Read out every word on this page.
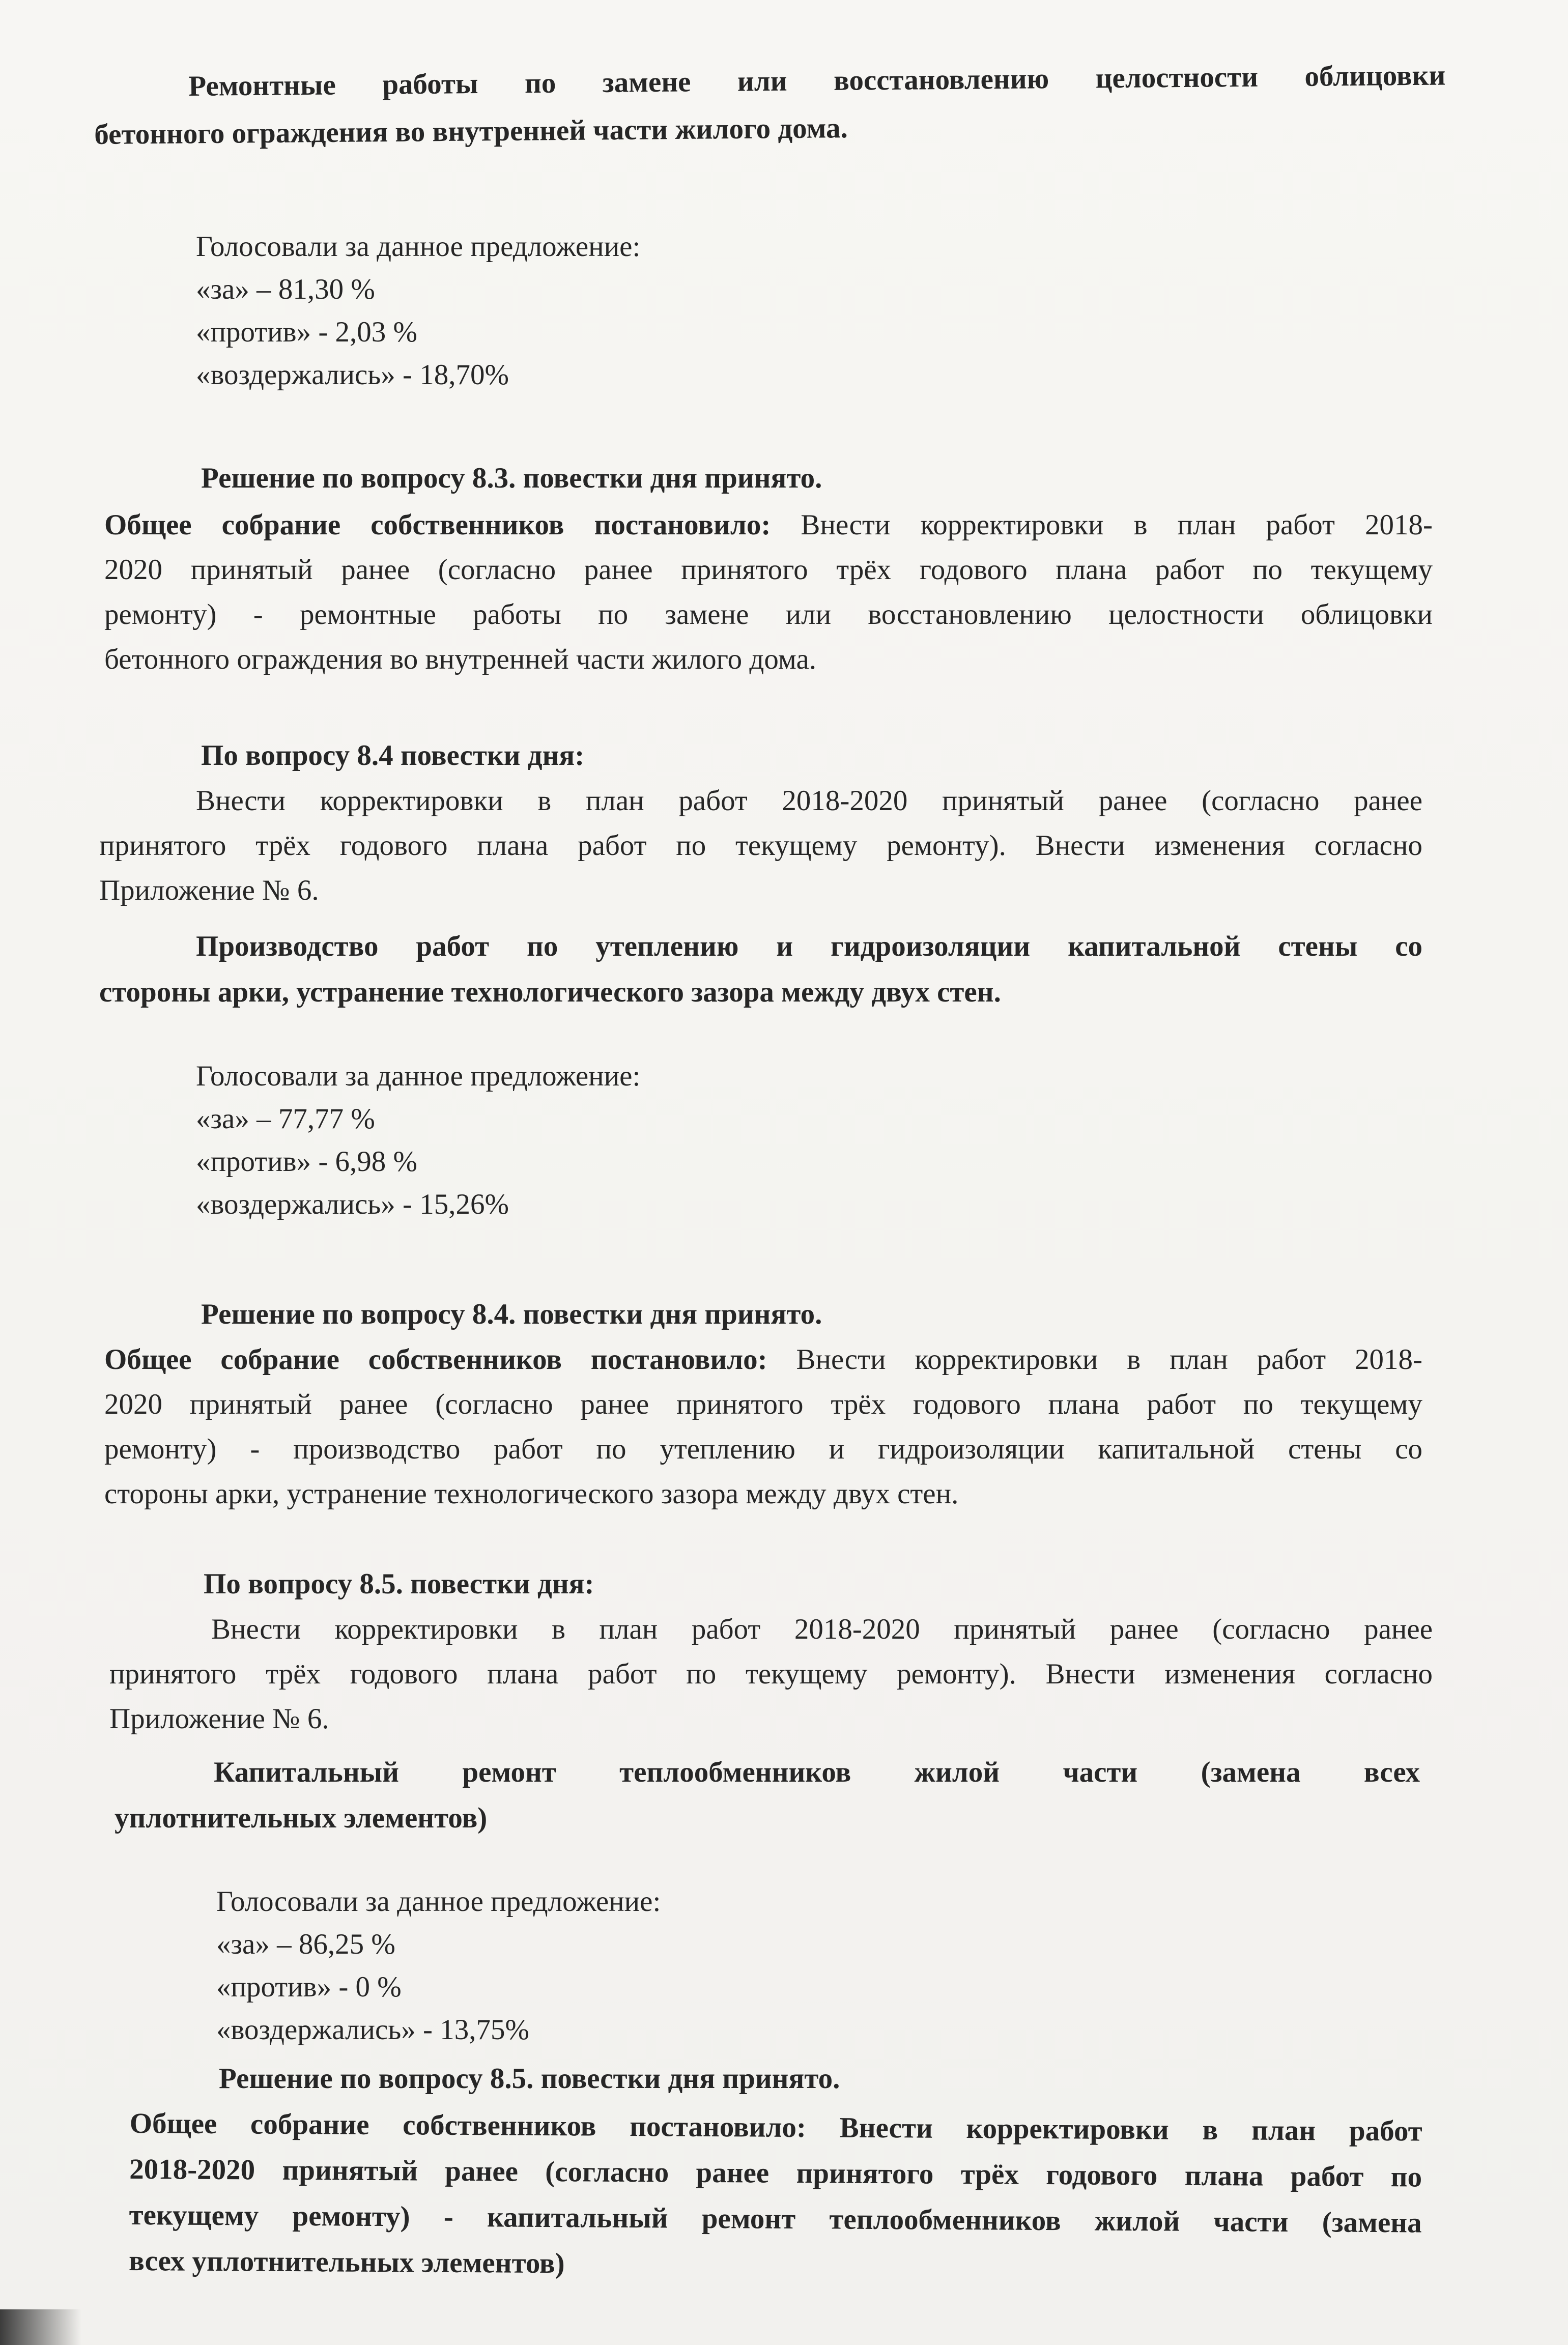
Ремонтные работы по замене или восстановлению целостности облицовки

бетонного ограждения во внутренней части жилого дома.

Голосовали за данное предложение:

«за» – 81,30 %

«против» - 2,03 %

«воздержались» - 18,70%

Решение по вопросу 8.3. повестки дня принято.

Общее собрание собственников постановило: Внести корректировки в план работ 2018-

2020 принятый ранее (согласно ранее принятого трёх годового плана работ по текущему

ремонту) - ремонтные работы по замене или восстановлению целостности облицовки

бетонного ограждения во внутренней части жилого дома.

По вопросу 8.4 повестки дня:

Внести корректировки в план работ 2018-2020 принятый ранее (согласно ранее

принятого трёх годового плана работ по текущему ремонту). Внести изменения согласно

Приложение № 6.

Производство работ по утеплению и гидроизоляции капитальной стены со

стороны арки, устранение технологического зазора между двух стен.

Голосовали за данное предложение:

«за» – 77,77 %

«против» - 6,98 %

«воздержались» - 15,26%

Решение по вопросу 8.4. повестки дня принято.

Общее собрание собственников постановило: Внести корректировки в план работ 2018-

2020 принятый ранее (согласно ранее принятого трёх годового плана работ по текущему

ремонту) - производство работ по утеплению и гидроизоляции капитальной стены со

стороны арки, устранение технологического зазора между двух стен.

По вопросу 8.5. повестки дня:

Внести корректировки в план работ 2018-2020 принятый ранее (согласно ранее

принятого трёх годового плана работ по текущему ремонту). Внести изменения согласно

Приложение № 6.

Капитальный ремонт теплообменников жилой части (замена всех

уплотнительных элементов)

Голосовали за данное предложение:

«за» – 86,25 %

«против» - 0 %

«воздержались» - 13,75%

Решение по вопросу 8.5. повестки дня принято.

Общее собрание собственников постановило: Внести корректировки в план работ

2018-2020 принятый ранее (согласно ранее принятого трёх годового плана работ по

текущему ремонту) - капитальный ремонт теплообменников жилой части (замена

всех уплотнительных элементов)
